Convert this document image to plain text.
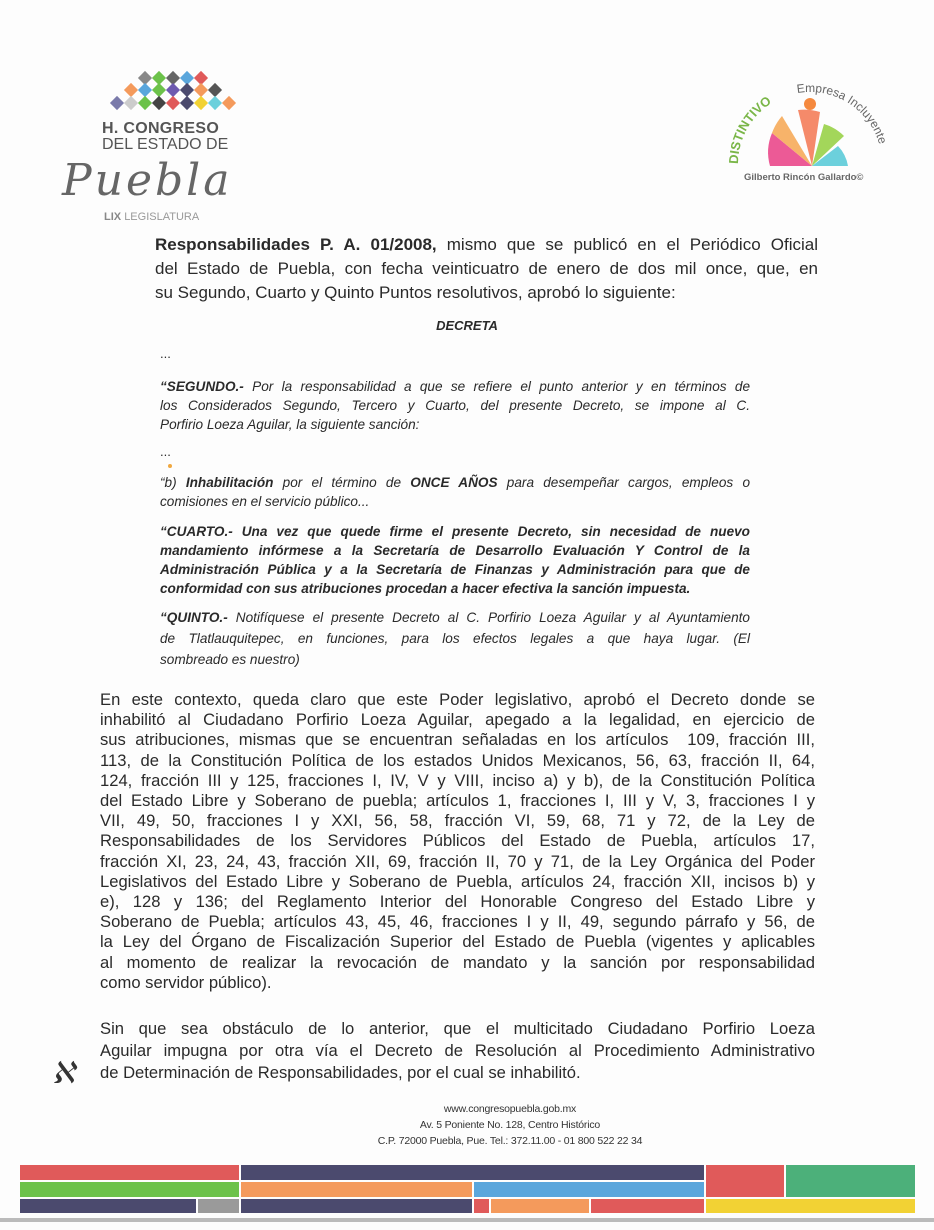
H. CONGRESO
DEL ESTADO DE
Puebla
LIX LEGISLATURA
DISTINTIVO
Empresa Incluyente
Gilberto Rincón Gallardo©
Responsabilidades P. A. 01/2008, mismo que se publicó en el Periódico Oficial
del Estado de Puebla, con fecha veinticuatro de enero de dos mil once, que, en
su Segundo, Cuarto y Quinto Puntos resolutivos, aprobó lo siguiente:
DECRETA
...
“SEGUNDO.- Por la responsabilidad a que se refiere el punto anterior y en términos de
los Considerados Segundo, Tercero y Cuarto, del presente Decreto, se impone al C.
Porfirio Loeza Aguilar, la siguiente sanción:
...
“b) Inhabilitación por el término de ONCE AÑOS para desempeñar cargos, empleos o
comisiones en el servicio público...
“CUARTO.- Una vez que quede firme el presente Decreto, sin necesidad de nuevo
mandamiento infórmese a la Secretaría de Desarrollo Evaluación Y Control de la
Administración Pública y a la Secretaría de Finanzas y Administración para que de
conformidad con sus atribuciones procedan a hacer efectiva la sanción impuesta.
“QUINTO.- Notifíquese el presente Decreto al C. Porfirio Loeza Aguilar y al Ayuntamiento
de Tlatlauquitepec, en funciones, para los efectos legales a que haya lugar. (El
sombreado es nuestro)
En este contexto, queda claro que este Poder legislativo, aprobó el Decreto donde se
inhabilitó al Ciudadano Porfirio Loeza Aguilar, apegado a la legalidad, en ejercicio de
sus atribuciones, mismas que se encuentran señaladas en los artículos  109, fracción III,
113, de la Constitución Política de los estados Unidos Mexicanos, 56, 63, fracción II, 64,
124, fracción III y 125, fracciones I, IV, V y VIII, inciso a) y b), de la Constitución Política
del Estado Libre y Soberano de puebla; artículos 1, fracciones I, III y V, 3, fracciones I y
VII, 49, 50, fracciones I y XXI, 56, 58, fracción VI, 59, 68, 71 y 72, de la Ley de
Responsabilidades de los Servidores Públicos del Estado de Puebla, artículos 17,
fracción XI, 23, 24, 43, fracción XII, 69, fracción II, 70 y 71, de la Ley Orgánica del Poder
Legislativos del Estado Libre y Soberano de Puebla, artículos 24, fracción XII, incisos b) y
e), 128 y 136; del Reglamento Interior del Honorable Congreso del Estado Libre y
Soberano de Puebla; artículos 43, 45, 46, fracciones I y II, 49, segundo párrafo y 56, de
la Ley del Órgano de Fiscalización Superior del Estado de Puebla (vigentes y aplicables
al momento de realizar la revocación de mandato y la sanción por responsabilidad
como servidor público).
Sin que sea obstáculo de lo anterior, que el multicitado Ciudadano Porfirio Loeza
Aguilar impugna por otra vía el Decreto de Resolución al Procedimiento Administrativo
de Determinación de Responsabilidades, por el cual se inhabilitó.
ℵ
www.congresopuebla.gob.mx
Av. 5 Poniente No. 128, Centro Histórico
C.P. 72000 Puebla, Pue. Tel.: 372.11.00 - 01 800 522 22 34
